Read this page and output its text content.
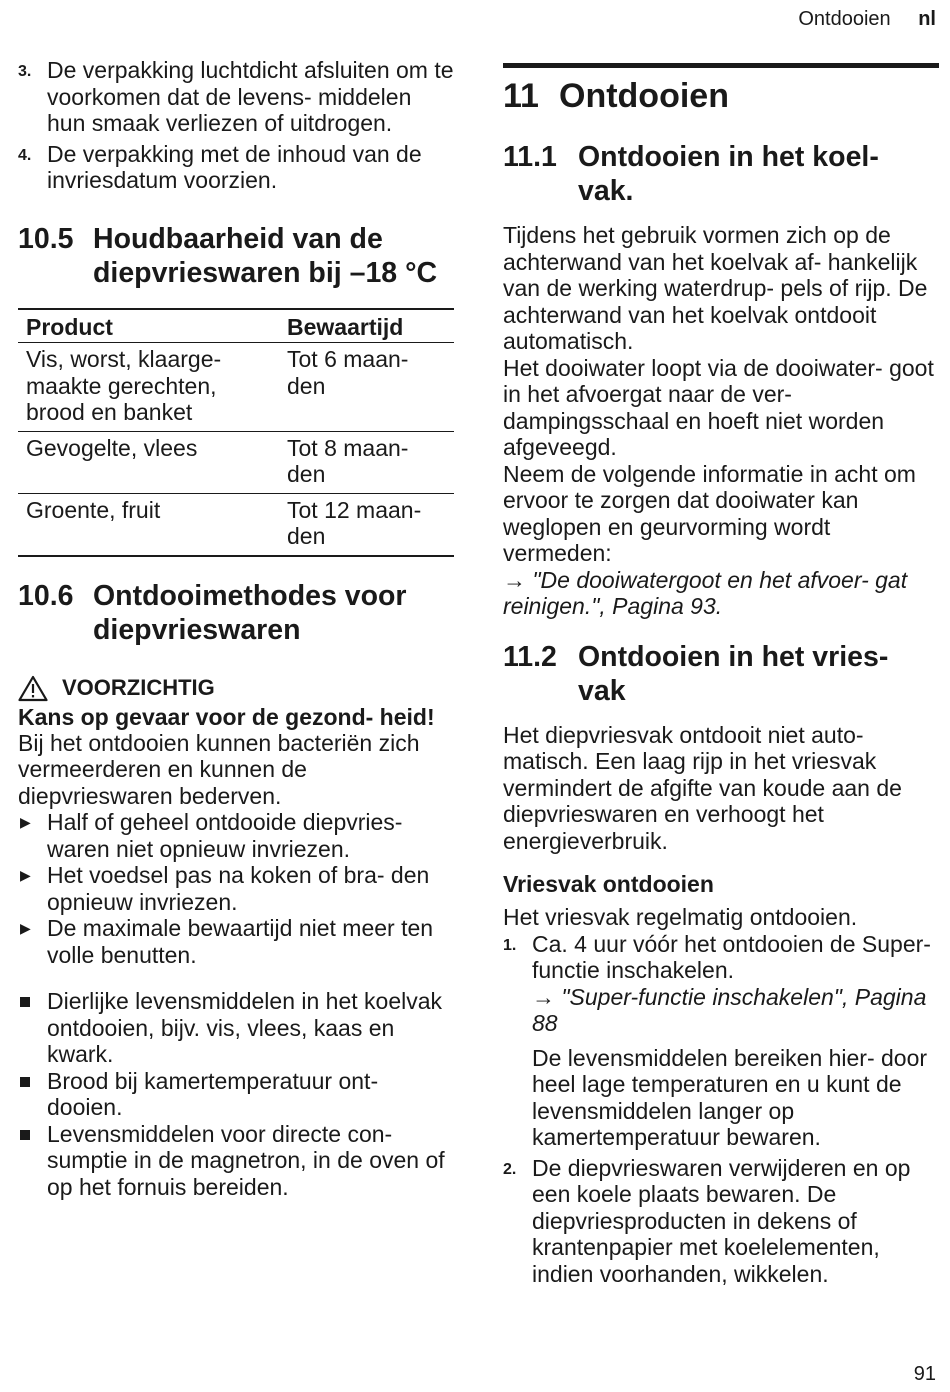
Ontdooien nl
3. De verpakking luchtdicht afsluiten om te voorkomen dat de levens- middelen hun smaak verliezen of uitdrogen.
4. De verpakking met de inhoud van de invriesdatum voorzien.
10.5 Houdbaarheid van de diepvrieswaren bij –18 °C
Product	Bewaartijd
Vis, worst, klaarge- maakte gerechten, brood en banket	Tot 6 maan- den
Gevogelte, vlees	Tot 8 maan- den
Groente, fruit	Tot 12 maan- den
10.6 Ontdooimethodes voor diepvrieswaren
VOORZICHTIG
Kans op gevaar voor de gezond- heid!
Bij het ontdooien kunnen bacteriën zich vermeerderen en kunnen de diepvrieswaren bederven.
▶ Half of geheel ontdooide diepvries- waren niet opnieuw invriezen.
▶ Het voedsel pas na koken of bra- den opnieuw invriezen.
▶ De maximale bewaartijd niet meer ten volle benutten.
Dierlijke levensmiddelen in het koelvak ontdooien, bijv. vis, vlees, kaas en kwark.
Brood bij kamertemperatuur ont- dooien.
Levensmiddelen voor directe con- sumptie in de magnetron, in de oven of op het fornuis bereiden.
11 Ontdooien
11.1 Ontdooien in het koel- vak.
Tijdens het gebruik vormen zich op de achterwand van het koelvak af- hankelijk van de werking waterdrup- pels of rijp. De achterwand van het koelvak ontdooit automatisch.
Het dooiwater loopt via de dooiwater- goot in het afvoergat naar de ver- dampingsschaal en hoeft niet worden afgeveegd.
Neem de volgende informatie in acht om ervoor te zorgen dat dooiwater kan weglopen en geurvorming wordt vermeden:
→ "De dooiwatergoot en het afvoer- gat reinigen.", Pagina 93.
11.2 Ontdooien in het vries- vak
Het diepvriesvak ontdooit niet auto- matisch. Een laag rijp in het vriesvak vermindert de afgifte van koude aan de diepvrieswaren en verhoogt het energieverbruik.
Vriesvak ontdooien
Het vriesvak regelmatig ontdooien.
1. Ca. 4 uur vóór het ontdooien de Super-functie inschakelen.
→ "Super-functie inschakelen", Pagina 88
De levensmiddelen bereiken hier- door heel lage temperaturen en u kunt de levensmiddelen langer op kamertemperatuur bewaren.
2. De diepvrieswaren verwijderen en op een koele plaats bewaren. De diepvriesproducten in dekens of krantenpapier met koelelementen, indien voorhanden, wikkelen.
91
